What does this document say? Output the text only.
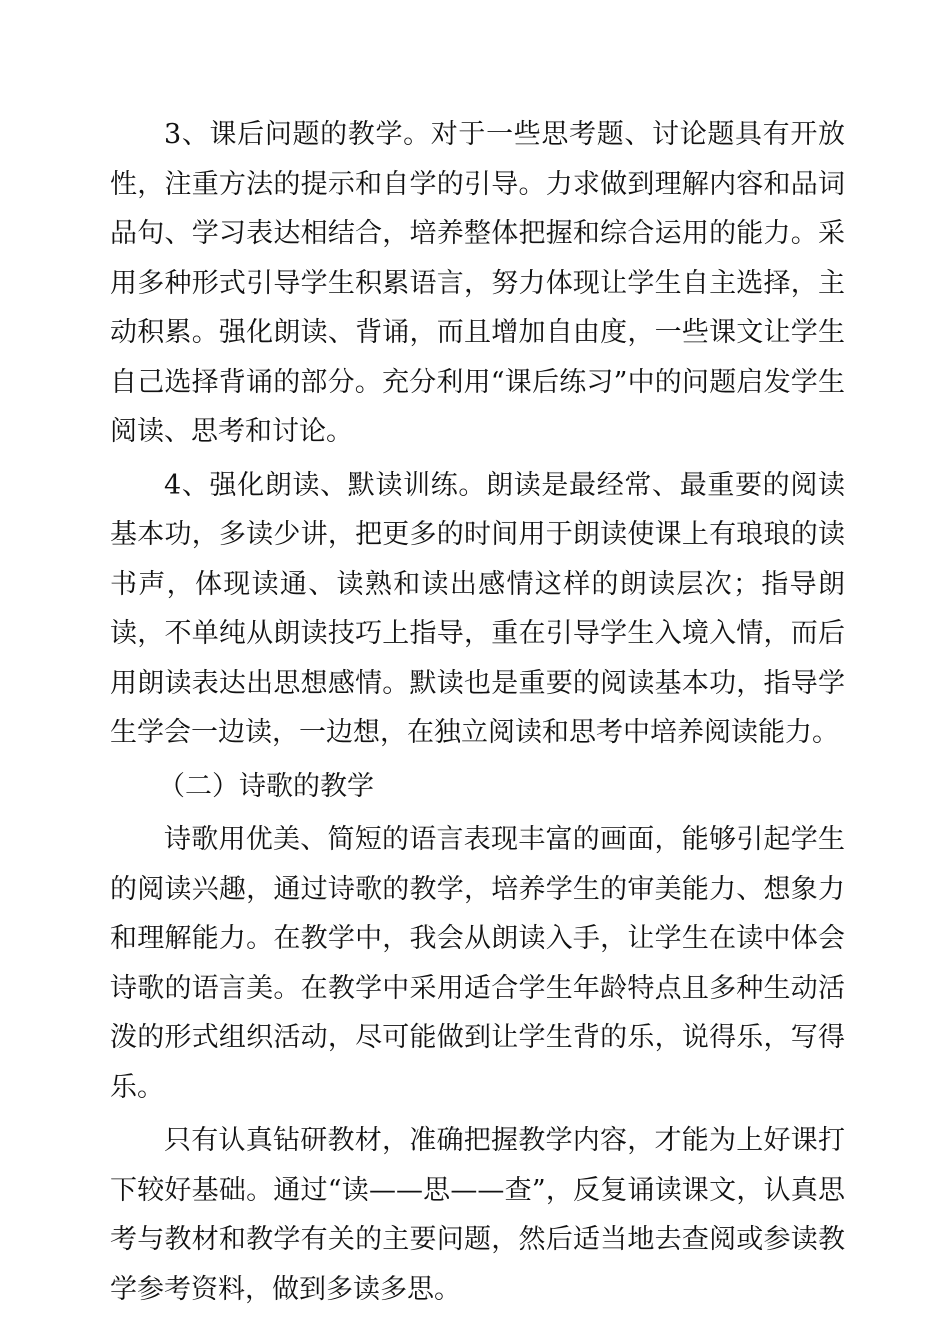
3、课后问题的教学。对于一些思考题、讨论题具有开放性，注重方法的提示和自学的引导。力求做到理解内容和品词品句、学习表达相结合，培养整体把握和综合运用的能力。采用多种形式引导学生积累语言，努力体现让学生自主选择，主动积累。强化朗读、背诵，而且增加自由度，一些课文让学生自己选择背诵的部分。充分利用“课后练习”中的问题启发学生阅读、思考和讨论。

4、强化朗读、默读训练。朗读是最经常、最重要的阅读基本功，多读少讲，把更多的时间用于朗读使课上有琅琅的读书声，体现读通、读熟和读出感情这样的朗读层次；指导朗读，不单纯从朗读技巧上指导，重在引导学生入境入情，而后用朗读表达出思想感情。默读也是重要的阅读基本功，指导学生学会一边读，一边想，在独立阅读和思考中培养阅读能力。

（二）诗歌的教学

诗歌用优美、简短的语言表现丰富的画面，能够引起学生的阅读兴趣，通过诗歌的教学，培养学生的审美能力、想象力和理解能力。在教学中，我会从朗读入手，让学生在读中体会诗歌的语言美。在教学中采用适合学生年龄特点且多种生动活泼的形式组织活动，尽可能做到让学生背的乐，说得乐，写得乐。

只有认真钻研教材，准确把握教学内容，才能为上好课打下较好基础。通过“读——思——查”，反复诵读课文，认真思考与教材和教学有关的主要问题，然后适当地去查阅或参读教学参考资料，做到多读多思。
